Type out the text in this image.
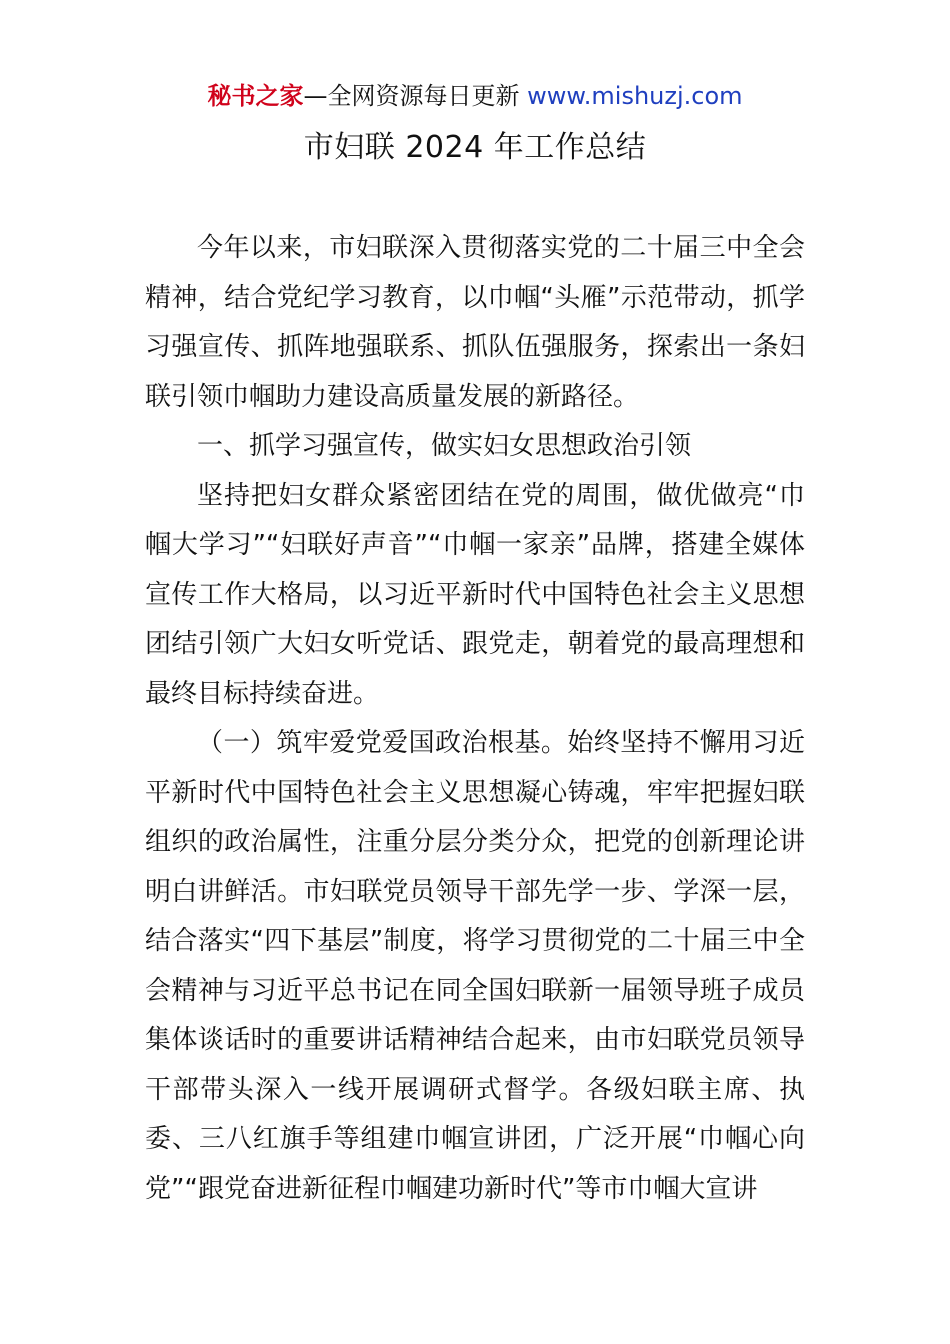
秘书之家—全网资源每日更新 www.mishuzj.com
市妇联 2024 年工作总结

今年以来，市妇联深入贯彻落实党的二十届三中全会精神，结合党纪学习教育，以巾帼“头雁”示范带动，抓学习强宣传、抓阵地强联系、抓队伍强服务，探索出一条妇联引领巾帼助力建设高质量发展的新路径。

一、抓学习强宣传，做实妇女思想政治引领

坚持把妇女群众紧密团结在党的周围，做优做亮“巾帼大学习”“妇联好声音”“巾帼一家亲”品牌，搭建全媒体宣传工作大格局，以习近平新时代中国特色社会主义思想团结引领广大妇女听党话、跟党走，朝着党的最高理想和最终目标持续奋进。

（一）筑牢爱党爱国政治根基。始终坚持不懈用习近平新时代中国特色社会主义思想凝心铸魂，牢牢把握妇联组织的政治属性，注重分层分类分众，把党的创新理论讲明白讲鲜活。市妇联党员领导干部先学一步、学深一层，结合落实“四下基层”制度，将学习贯彻党的二十届三中全会精神与习近平总书记在同全国妇联新一届领导班子成员集体谈话时的重要讲话精神结合起来，由市妇联党员领导干部带头深入一线开展调研式督学。各级妇联主席、执委、三八红旗手等组建巾帼宣讲团，广泛开展“巾帼心向党”“跟党奋进新征程巾帼建功新时代”等市巾帼大宣讲
